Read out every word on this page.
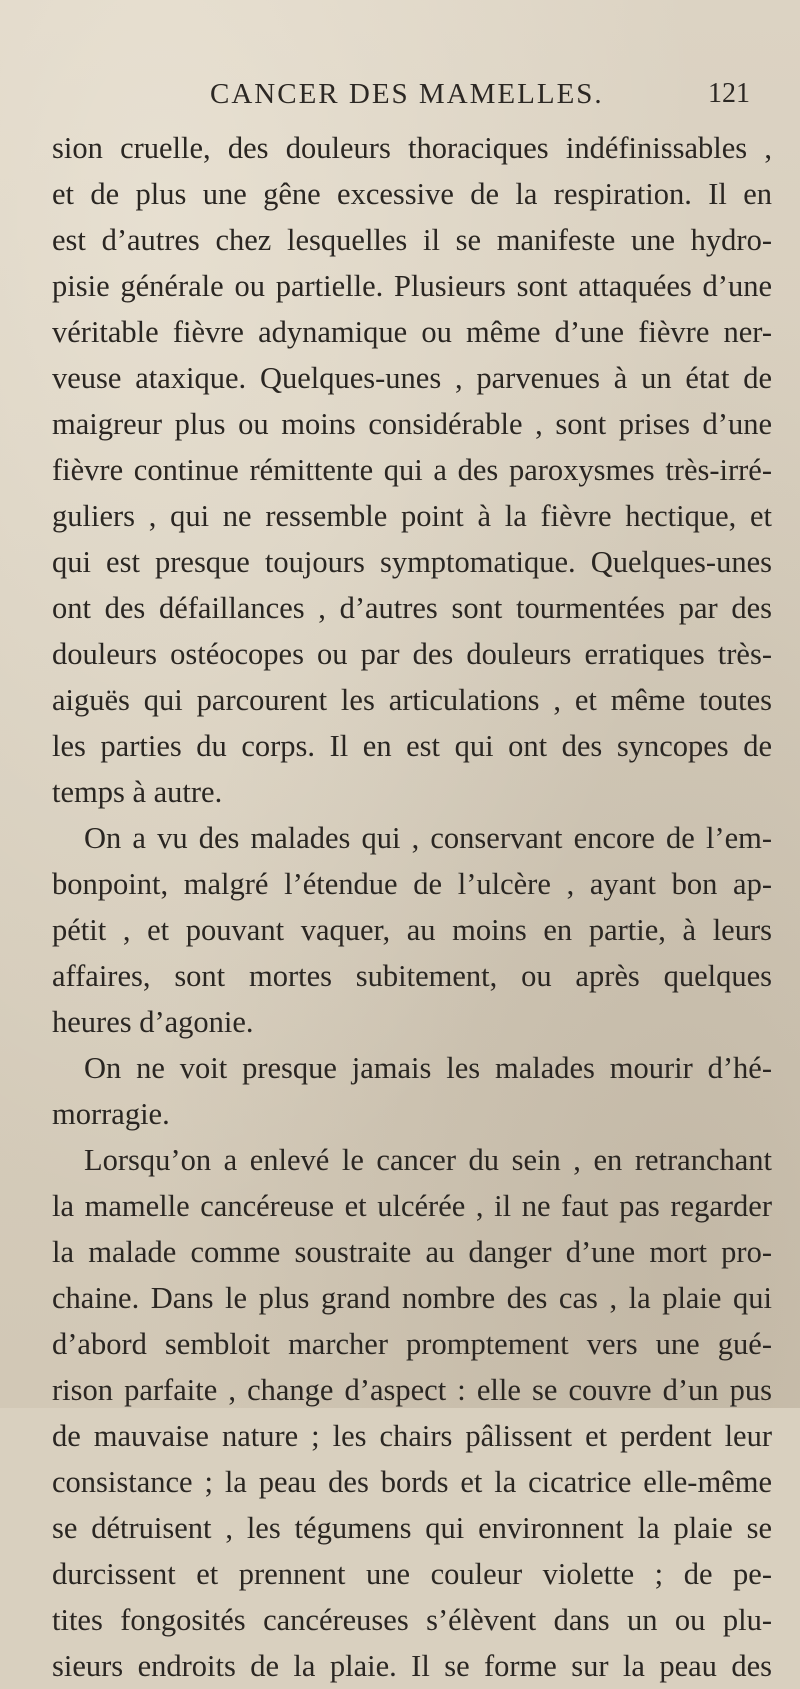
CANCER DES MAMELLES.	121
sion cruelle, des douleurs thoraciques indéfinissables ,
et de plus une gêne excessive de la respiration. Il en
est d’autres chez lesquelles il se manifeste une hydro-
pisie générale ou partielle. Plusieurs sont attaquées d’une
véritable fièvre adynamique ou même d’une fièvre ner-
veuse ataxique. Quelques-unes , parvenues à un état de
maigreur plus ou moins considérable , sont prises d’une
fièvre continue rémittente qui a des paroxysmes très-irré-
guliers , qui ne ressemble point à la fièvre hectique, et
qui est presque toujours symptomatique. Quelques-unes
ont des défaillances , d’autres sont tourmentées par des
douleurs ostéocopes ou par des douleurs erratiques très-
aiguës qui parcourent les articulations , et même toutes
les parties du corps. Il en est qui ont des syncopes de
temps à autre.
On a vu des malades qui , conservant encore de l’em-
bonpoint, malgré l’étendue de l’ulcère , ayant bon ap-
pétit , et pouvant vaquer, au moins en partie, à leurs
affaires, sont mortes subitement, ou après quelques
heures d’agonie.
On ne voit presque jamais les malades mourir d’hé-
morragie.
Lorsqu’on a enlevé le cancer du sein , en retranchant
la mamelle cancéreuse et ulcérée , il ne faut pas regarder
la malade comme soustraite au danger d’une mort pro-
chaine. Dans le plus grand nombre des cas , la plaie qui
d’abord sembloit marcher promptement vers une gué-
rison parfaite , change d’aspect : elle se couvre d’un pus
de mauvaise nature ; les chairs pâlissent et perdent leur
consistance ; la peau des bords et la cicatrice elle-même
se détruisent , les tégumens qui environnent la plaie se
durcissent et prennent une couleur violette ; de pe-
tites fongosités cancéreuses s’élèvent dans un ou plu-
sieurs endroits de la plaie. Il se forme sur la peau des
